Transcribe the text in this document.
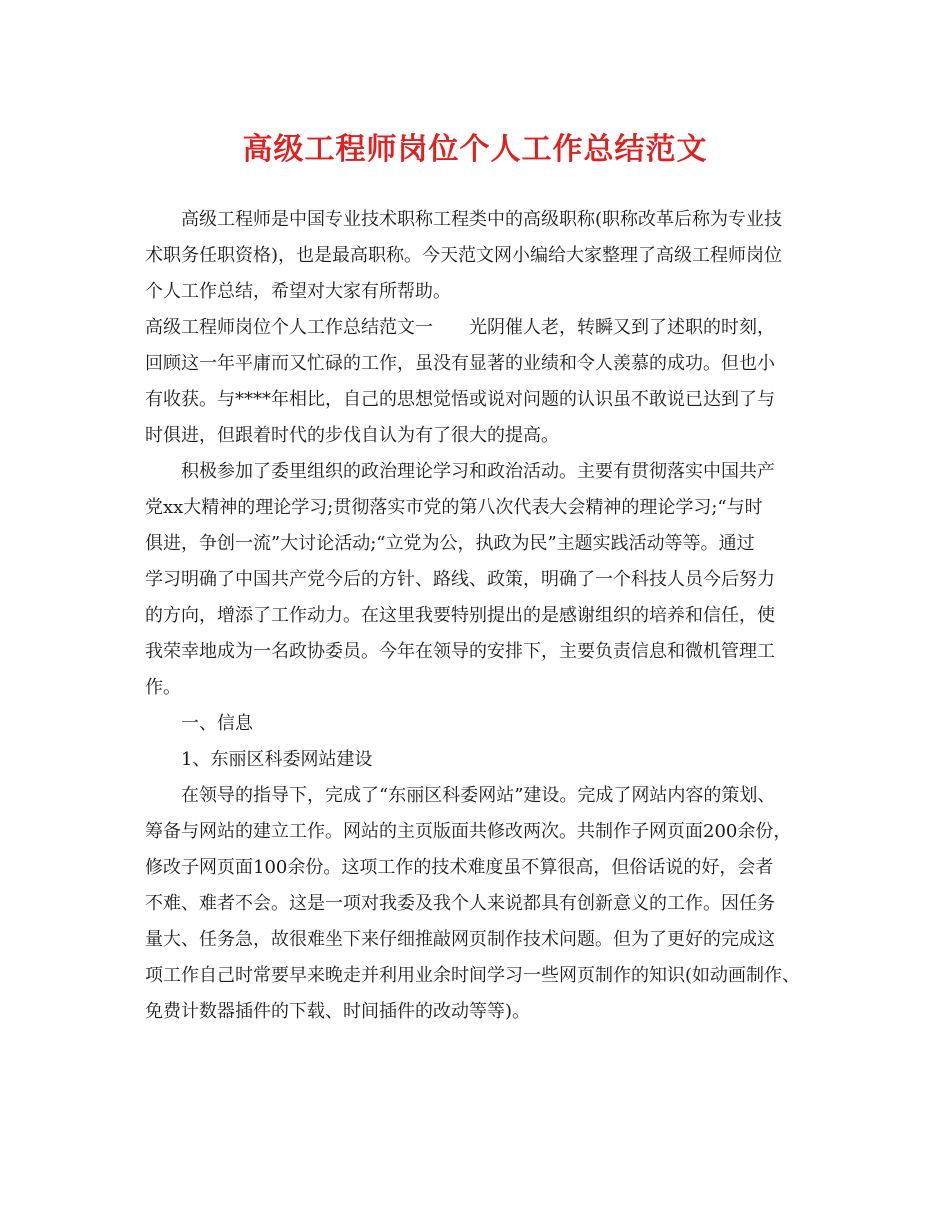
高级工程师岗位个人工作总结范文
高级工程师是中国专业技术职称工程类中的高级职称(职称改革后称为专业技
术职务任职资格)，也是最高职称。今天范文网小编给大家整理了高级工程师岗位
个人工作总结，希望对大家有所帮助。
高级工程师岗位个人工作总结范文一　　光阴催人老，转瞬又到了述职的时刻，
回顾这一年平庸而又忙碌的工作，虽没有显著的业绩和令人羡慕的成功。但也小
有收获。与****年相比，自己的思想觉悟或说对问题的认识虽不敢说已达到了与
时俱进，但跟着时代的步伐自认为有了很大的提高。
积极参加了委里组织的政治理论学习和政治活动。主要有贯彻落实中国共产
党xx大精神的理论学习;贯彻落实市党的第八次代表大会精神的理论学习;“与时
俱进，争创一流”大讨论活动;“立党为公，执政为民”主题实践活动等等。通过
学习明确了中国共产党今后的方针、路线、政策，明确了一个科技人员今后努力
的方向，增添了工作动力。在这里我要特别提出的是感谢组织的培养和信任，使
我荣幸地成为一名政协委员。今年在领导的安排下，主要负责信息和微机管理工
作。
一、信息
1、东丽区科委网站建设
在领导的指导下，完成了“东丽区科委网站”建设。完成了网站内容的策划、
筹备与网站的建立工作。网站的主页版面共修改两次。共制作子网页面200余份，
修改子网页面100余份。这项工作的技术难度虽不算很高，但俗话说的好，会者
不难、难者不会。这是一项对我委及我个人来说都具有创新意义的工作。因任务
量大、任务急，故很难坐下来仔细推敲网页制作技术问题。但为了更好的完成这
项工作自己时常要早来晚走并利用业余时间学习一些网页制作的知识(如动画制作、
免费计数器插件的下载、时间插件的改动等等)。
